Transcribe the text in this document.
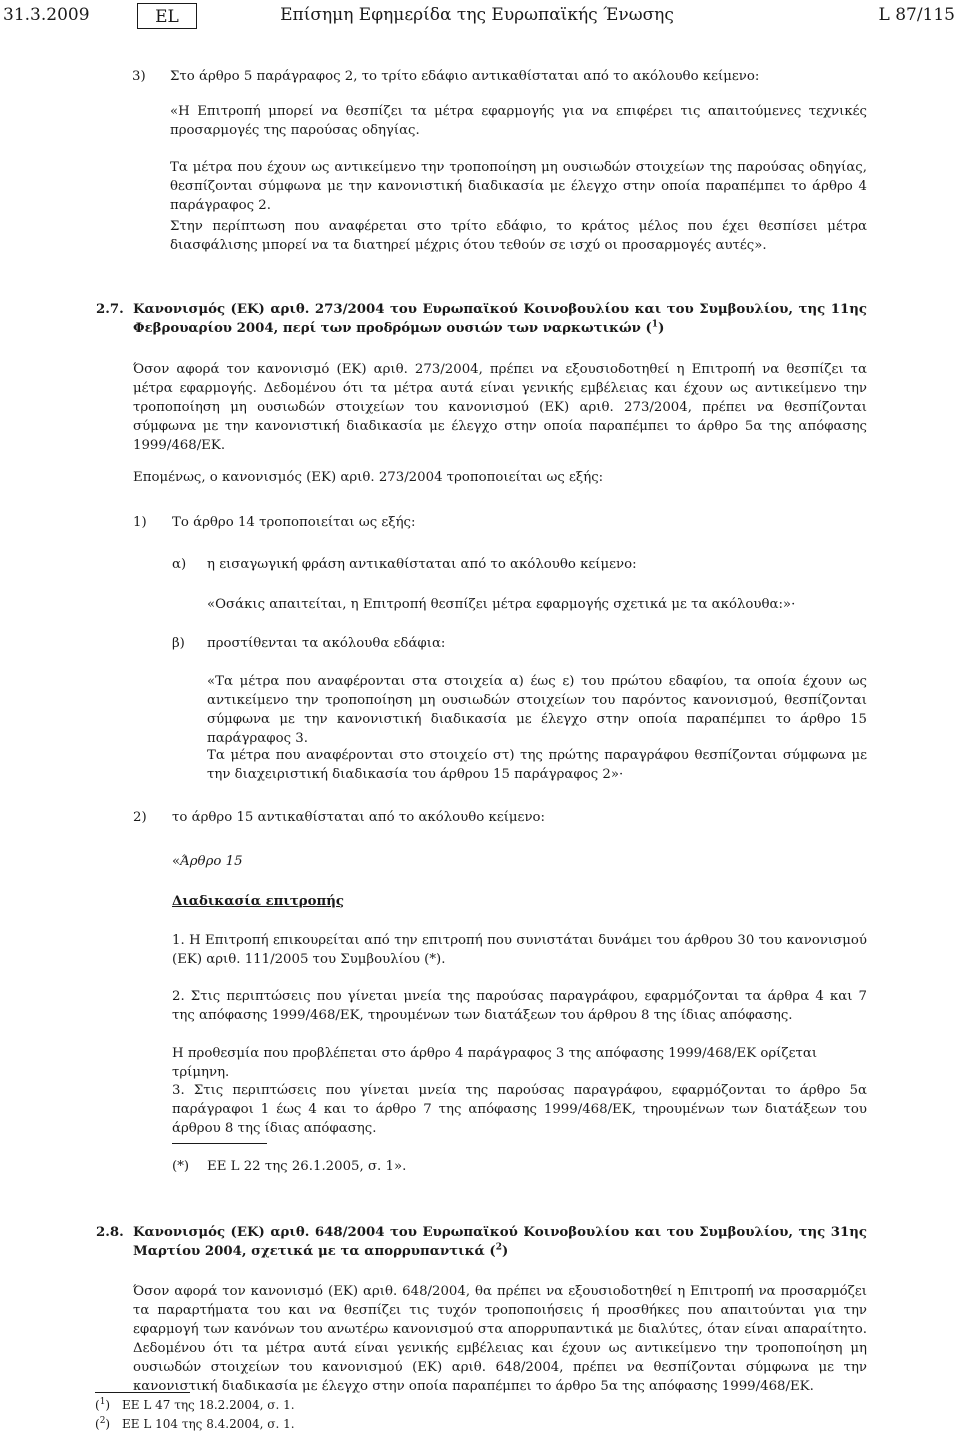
31.3.2009	EL	Επίσημη Εφημερίδα της Ευρωπαϊκής Ένωσης	L 87/115
3) Στο άρθρο 5 παράγραφος 2, το τρίτο εδάφιο αντικαθίσταται από το ακόλουθο κείμενο:
«Η Επιτροπή μπορεί να θεσπίζει τα μέτρα εφαρμογής για να επιφέρει τις απαιτούμενες τεχνικές προσαρμογές της παρούσας οδηγίας.
Τα μέτρα που έχουν ως αντικείμενο την τροποποίηση μη ουσιωδών στοιχείων της παρούσας οδηγίας, θεσπίζονται σύμφωνα με την κανονιστική διαδικασία με έλεγχο στην οποία παραπέμπει το άρθρο 4 παράγραφος 2.
Στην περίπτωση που αναφέρεται στο τρίτο εδάφιο, το κράτος μέλος που έχει θεσπίσει μέτρα διασφάλισης μπορεί να τα διατηρεί μέχρις ότου τεθούν σε ισχύ οι προσαρμογές αυτές».
2.7. Κανονισμός (ΕΚ) αριθ. 273/2004 του Ευρωπαϊκού Κοινοβουλίου και του Συμβουλίου, της 11ης Φεβρουαρίου 2004, περί των προδρόμων ουσιών των ναρκωτικών ($^1$)
Όσον αφορά τον κανονισμό (ΕΚ) αριθ. 273/2004, πρέπει να εξουσιοδοτηθεί η Επιτροπή να θεσπίζει τα μέτρα εφαρμογής. Δεδομένου ότι τα μέτρα αυτά είναι γενικής εμβέλειας και έχουν ως αντικείμενο την τροποποίηση μη ουσιωδών στοιχείων του κανονισμού (ΕΚ) αριθ. 273/2004, πρέπει να θεσπίζονται σύμφωνα με την κανονιστική διαδικασία με έλεγχο στην οποία παραπέμπει το άρθρο 5α της απόφασης 1999/468/ΕΚ.
Επομένως, ο κανονισμός (ΕΚ) αριθ. 273/2004 τροποποιείται ως εξής:
1) Το άρθρο 14 τροποποιείται ως εξής:
α) η εισαγωγική φράση αντικαθίσταται από το ακόλουθο κείμενο:
«Οσάκις απαιτείται, η Επιτροπή θεσπίζει μέτρα εφαρμογής σχετικά με τα ακόλουθα:»·
β) προστίθενται τα ακόλουθα εδάφια:
«Τα μέτρα που αναφέρονται στα στοιχεία α) έως ε) του πρώτου εδαφίου, τα οποία έχουν ως αντικείμενο την τροποποίηση μη ουσιωδών στοιχείων του παρόντος κανονισμού, θεσπίζονται σύμφωνα με την κανονιστική διαδικασία με έλεγχο στην οποία παραπέμπει το άρθρο 15 παράγραφος 3.
Τα μέτρα που αναφέρονται στο στοιχείο στ) της πρώτης παραγράφου θεσπίζονται σύμφωνα με την διαχειριστική διαδικασία του άρθρου 15 παράγραφος 2»·
2) το άρθρο 15 αντικαθίσταται από το ακόλουθο κείμενο:
«Άρθρο 15
Διαδικασία επιτροπής
1. Η Επιτροπή επικουρείται από την επιτροπή που συνιστάται δυνάμει του άρθρου 30 του κανονισμού (ΕΚ) αριθ. 111/2005 του Συμβουλίου (*).
2. Στις περιπτώσεις που γίνεται μνεία της παρούσας παραγράφου, εφαρμόζονται τα άρθρα 4 και 7 της απόφασης 1999/468/ΕΚ, τηρουμένων των διατάξεων του άρθρου 8 της ίδιας απόφασης.
Η προθεσμία που προβλέπεται στο άρθρο 4 παράγραφος 3 της απόφασης 1999/468/ΕΚ ορίζεται τρίμηνη.
3. Στις περιπτώσεις που γίνεται μνεία της παρούσας παραγράφου, εφαρμόζονται το άρθρο 5α παράγραφοι 1 έως 4 και το άρθρο 7 της απόφασης 1999/468/ΕΚ, τηρουμένων των διατάξεων του άρθρου 8 της ίδιας απόφασης.
(*) ΕΕ L 22 της 26.1.2005, σ. 1».
2.8. Κανονισμός (ΕΚ) αριθ. 648/2004 του Ευρωπαϊκού Κοινοβουλίου και του Συμβουλίου, της 31ης Μαρτίου 2004, σχετικά με τα απορρυπαντικά ($^2$)
Όσον αφορά τον κανονισμό (ΕΚ) αριθ. 648/2004, θα πρέπει να εξουσιοδοτηθεί η Επιτροπή να προσαρμόζει τα παραρτήματα του και να θεσπίζει τις τυχόν τροποποιήσεις ή προσθήκες που απαιτούνται για την εφαρμογή των κανόνων του ανωτέρω κανονισμού στα απορρυπαντικά με διαλύτες, όταν είναι απαραίτητο. Δεδομένου ότι τα μέτρα αυτά είναι γενικής εμβέλειας και έχουν ως αντικείμενο την τροποποίηση μη ουσιωδών στοιχείων του κανονισμού (ΕΚ) αριθ. 648/2004, πρέπει να θεσπίζονται σύμφωνα με την κανονιστική διαδικασία με έλεγχο στην οποία παραπέμπει το άρθρο 5α της απόφασης 1999/468/ΕΚ.
($^1$) ΕΕ L 47 της 18.2.2004, σ. 1.
($^2$) ΕΕ L 104 της 8.4.2004, σ. 1.
